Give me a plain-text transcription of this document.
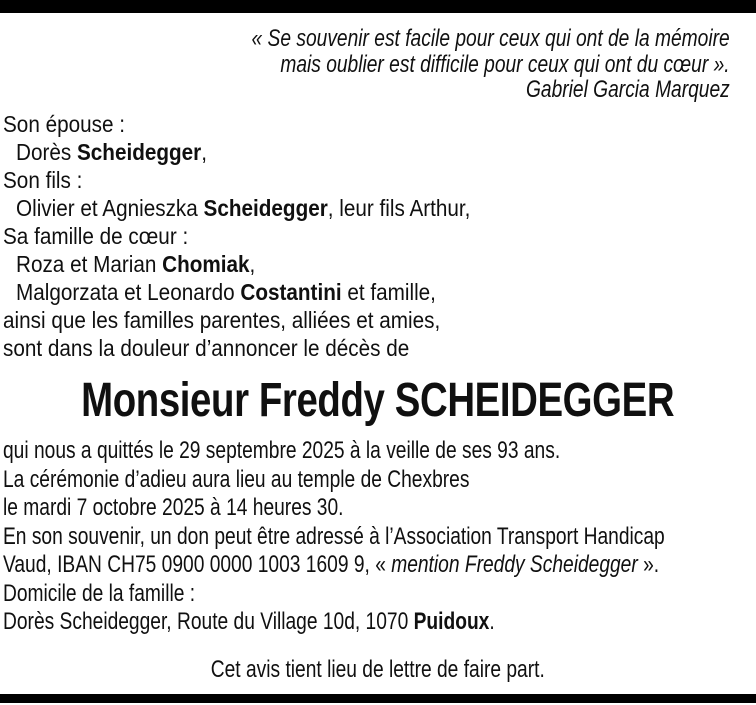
« Se souvenir est facile pour ceux qui ont de la mémoire
mais oublier est difficile pour ceux qui ont du cœur ».
Gabriel Garcia Marquez
Son épouse :
Dorès Scheidegger,
Son fils :
Olivier et Agnieszka Scheidegger, leur fils Arthur,
Sa famille de cœur :
Roza et Marian Chomiak,
Malgorzata et Leonardo Costantini et famille,
ainsi que les familles parentes, alliées et amies,
sont dans la douleur d’annoncer le décès de
Monsieur Freddy SCHEIDEGGER
qui nous a quittés le 29 septembre 2025 à la veille de ses 93 ans.
La cérémonie d’adieu aura lieu au temple de Chexbres
le mardi 7 octobre 2025 à 14 heures 30.
En son souvenir, un don peut être adressé à l’Association Transport Handicap
Vaud, IBAN CH75 0900 0000 1003 1609 9, « mention Freddy Scheidegger ».
Domicile de la famille :
Dorès Scheidegger, Route du Village 10d, 1070 Puidoux.
Cet avis tient lieu de lettre de faire part.
